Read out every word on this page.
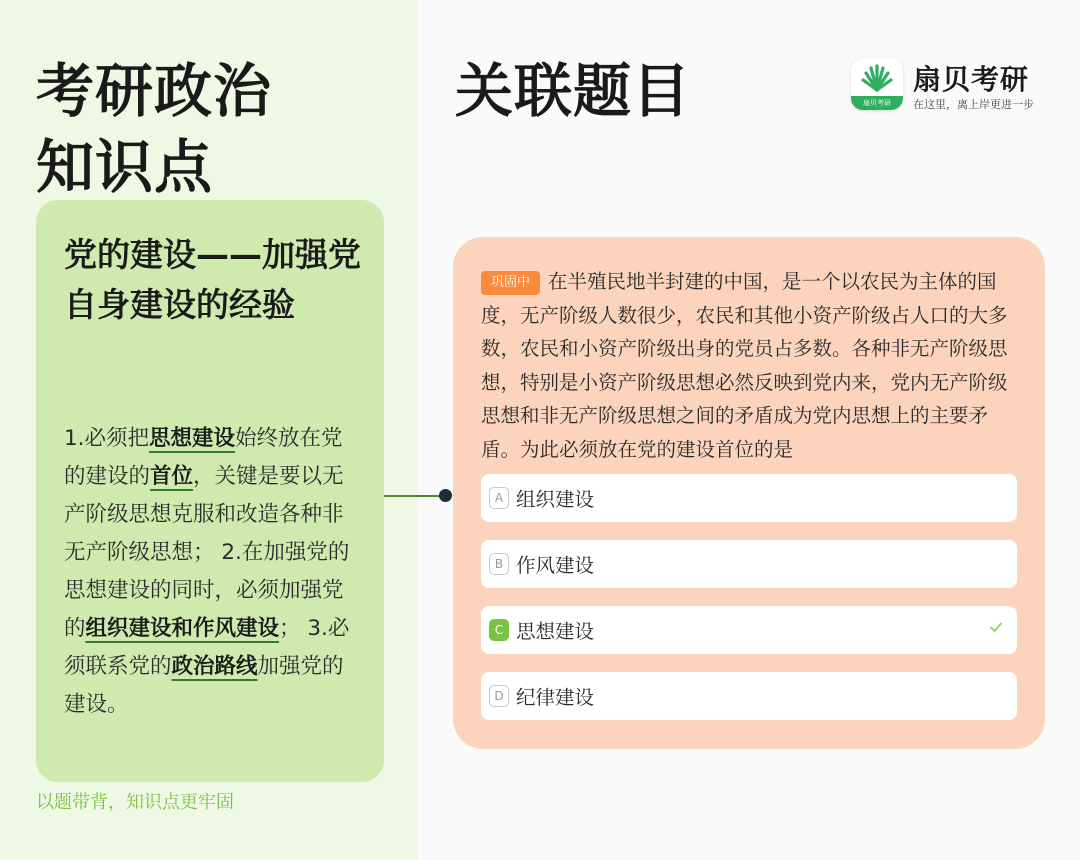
考研政治
知识点
党的建设——加强党自身建设的经验
1.必须把思想建设始终放在党的建设的首位，关键是要以无产阶级思想克服和改造各种非无产阶级思想； 2.在加强党的思想建设的同时，必须加强党的组织建设和作风建设； 3.必须联系党的政治路线加强党的建设。
以题带背，知识点更牢固
关联题目	扇贝考研
扇贝考研
在这里，离上岸更进一步
巩固中 在半殖民地半封建的中国，是一个以农民为主体的国度，无产阶级人数很少，农民和其他小资产阶级占人口的大多数，农民和小资产阶级出身的党员占多数。各种非无产阶级思想，特别是小资产阶级思想必然反映到党内来，党内无产阶级思想和非无产阶级思想之间的矛盾成为党内思想上的主要矛盾。为此必须放在党的建设首位的是
A 组织建设
B 作风建设
C 思想建设
D 纪律建设
